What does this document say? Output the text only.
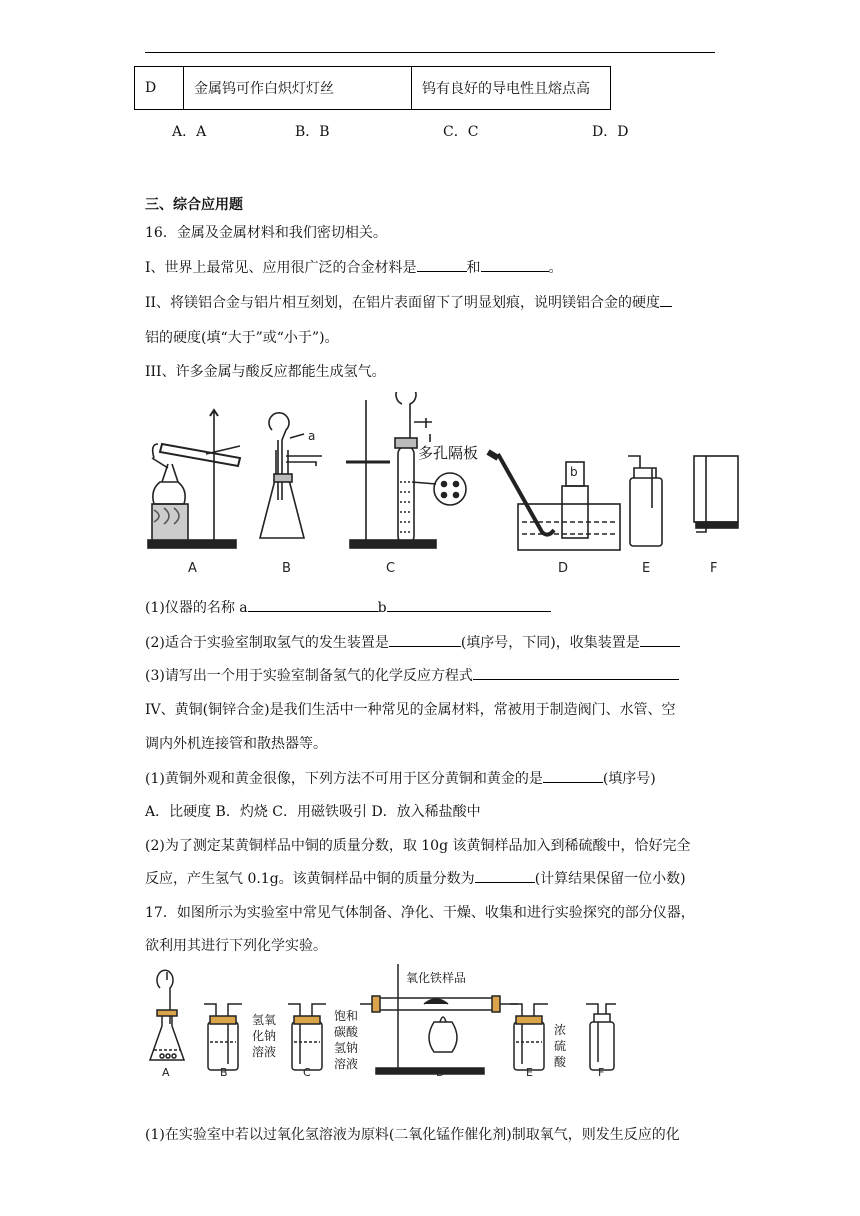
D	金属钨可作白炽灯灯丝	钨有良好的导电性且熔点高
A．A	B．B	C．C	D．D
三、综合应用题
16．金属及金属材料和我们密切相关。
I、世界上最常见、应用很广泛的合金材料是	和	。
II、将镁铝合金与铝片相互刻划，在铝片表面留下了明显划痕，说明镁铝合金的硬度
铝的硬度(填“大于”或“小于”)。
III、许多金属与酸反应都能生成氢气。
a
b
多孔隔板
A	B	C	D	E	F
(1)仪器的名称 a	b
(2)适合于实验室制取氢气的发生装置是	(填序号，下同)，收集装置是
(3)请写出一个用于实验室制备氢气的化学反应方程式
IV、黄铜(铜锌合金)是我们生活中一种常见的金属材料，常被用于制造阀门、水管、空
调内外机连接管和散热器等。
(1)黄铜外观和黄金很像，下列方法不可用于区分黄铜和黄金的是	(填序号)
A．比硬度 B．灼烧 C．用磁铁吸引 D．放入稀盐酸中
(2)为了测定某黄铜样品中铜的质量分数，取 10g 该黄铜样品加入到稀硫酸中，恰好完全
反应，产生氢气 0.1g。该黄铜样品中铜的质量分数为	(计算结果保留一位小数)
17．如图所示为实验室中常见气体制备、净化、干燥、收集和进行实验探究的部分仪器，
欲利用其进行下列化学实验。
氢氧
化钠
溶液
饱和
碳酸
氢钠
溶液
氧化铁样品
浓
硫
酸
A	B	C	D	E	F
(1)在实验室中若以过氧化氢溶液为原料(二氧化锰作催化剂)制取氧气，则发生反应的化
